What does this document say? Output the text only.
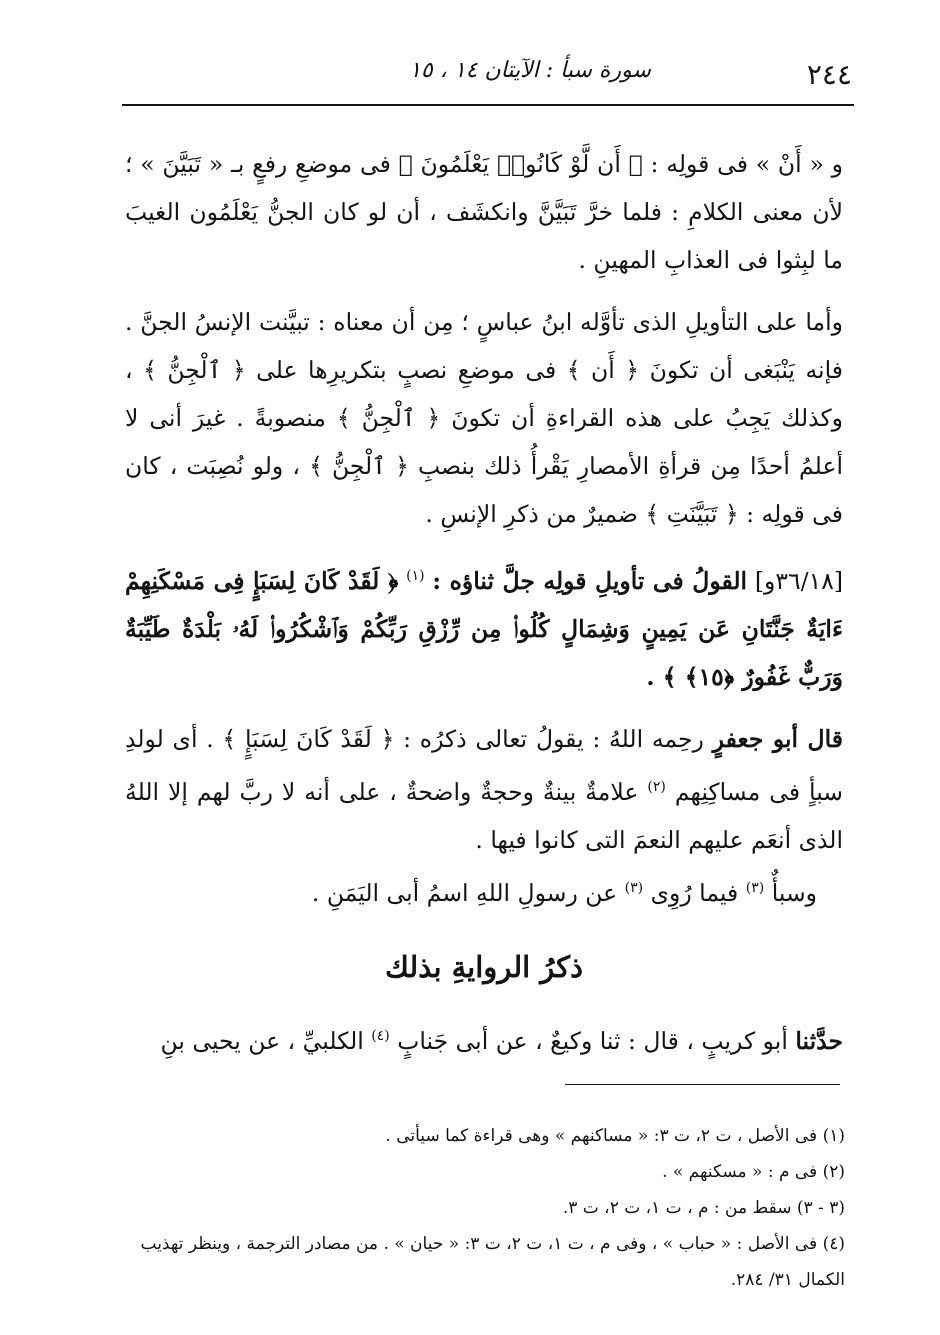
٢٤٤
سورة سبأ : الآيتان ١٤ ، ١٥

و « أَنْ » فى قولِه : ﴿ أَن لَّوْ كَانُوا۟ يَعْلَمُونَ ﴾ فى موضعِ رفعٍ بـ « تَبَيَّنَ » ؛ لأن معنى الكلامِ : فلما خرَّ تَبَيَّنَّ وانكشَف ، أن لو كان الجنُّ يَعْلَمُون الغيبَ ما لبِثوا فى العذابِ المهينِ .

وأما على التأويلِ الذى تأوَّله ابنُ عباسٍ ؛ مِن أن معناه : تبيَّنت الإنسُ الجنَّ . فإنه يَنْبَغى أن تكونَ ﴿ أَن ﴾ فى موضعِ نصبٍ بتكريرِها على ﴿ ٱلْجِنُّ ﴾ ، وكذلك يَجِبُ على هذه القراءةِ أن تكونَ ﴿ ٱلْجِنُّ ﴾ منصوبةً . غيرَ أنى لا أعلمُ أحدًا مِن قرأةِ الأمصارِ يَقْرأُ ذلك بنصبِ ﴿ ٱلْجِنُّ ﴾ ، ولو نُصِبَت ، كان فى قولِه : ﴿ تَبَيَّنَتِ ﴾ ضميرٌ من ذكرِ الإنسِ .

[٣٦/١٨و] القولُ فى تأويلِ قولِه جلَّ ثناؤه : $^{(١)}$ ﴿ لَقَدْ كَانَ لِسَبَإٍ فِى مَسْكَنِهِمْ ءَايَةٌ جَنَّتَانِ عَن يَمِينٍ وَشِمَالٍ كُلُوا۟ مِن رِّزْقِ رَبِّكُمْ وَٱشْكُرُوا۟ لَهُۥ بَلْدَةٌ طَيِّبَةٌ وَرَبٌّ غَفُورٌ ﴿١٥﴾ ﴾ .

قال أبو جعفرٍ رحِمه اللهُ : يقولُ تعالى ذكرُه : ﴿ لَقَدْ كَانَ لِسَبَإٍ ﴾ . أى لولدِ سبأٍ فى مساكِنِهم $^{(٢)}$ علامةٌ بينةٌ وحجةٌ واضحةٌ ، على أنه لا ربَّ لهم إلا اللهُ الذى أنعَم عليهم النعمَ التى كانوا فيها .

وسبأٌ $^{(٣)}$ فيما رُوِى $^{(٣)}$ عن رسولِ اللهِ اسمُ أبى اليَمَنِ .

ذكرُ الروايةِ بذلك
حدَّثنا أبو كريبٍ ، قال : ثنا وكيعٌ ، عن أبى جَنابٍ $^{(٤)}$ الكلبيِّ ، عن يحيى بنِ

(١) فى الأصل ، ت ٢، ت ٣: « مساكنهم » وهى قراءة كما سيأتى .

(٢) فى م : « مسكنهم » .

(٣ - ٣) سقط من : م ، ت ١، ت ٢، ت ٣.

(٤) فى الأصل : « حباب » ، وفى م ، ت ١، ت ٢، ت ٣: « حيان » . من مصادر الترجمة ، وينظر تهذيب الكمال ٣١/ ٢٨٤.
